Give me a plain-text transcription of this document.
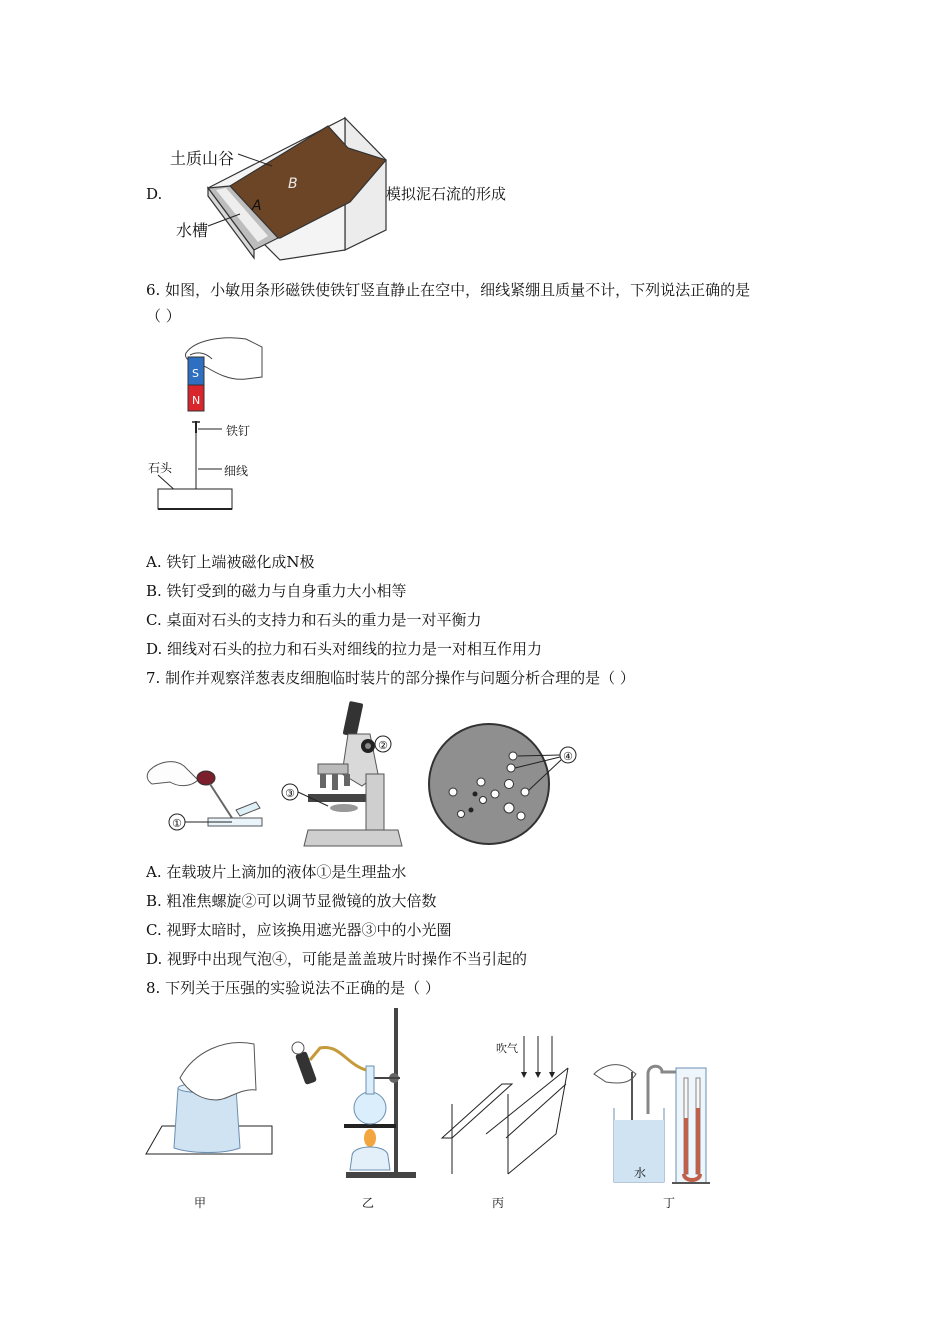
D.
B
A
土质山谷
水槽
模拟泥石流的形成
6. 如图，小敏用条形磁铁使铁钉竖直静止在空中，细线紧绷且质量不计，下列说法正确的是
（ ）
S
N
铁钉
石头	细线
A. 铁钉上端被磁化成N极
B. 铁钉受到的磁力与自身重力大小相等
C. 桌面对石头的支持力和石头的重力是一对平衡力
D. 细线对石头的拉力和石头对细线的拉力是一对相互作用力
7. 制作并观察洋葱表皮细胞临时装片的部分操作与问题分析合理的是（ ）
①
②
③
④
A. 在载玻片上滴加的液体①是生理盐水
B. 粗准焦螺旋②可以调节显微镜的放大倍数
C. 视野太暗时，应该换用遮光器③中的小光圈
D. 视野中出现气泡④，可能是盖盖玻片时操作不当引起的
8. 下列关于压强的实验说法不正确的是（ ）
吹气
水
甲	乙	丙	丁
